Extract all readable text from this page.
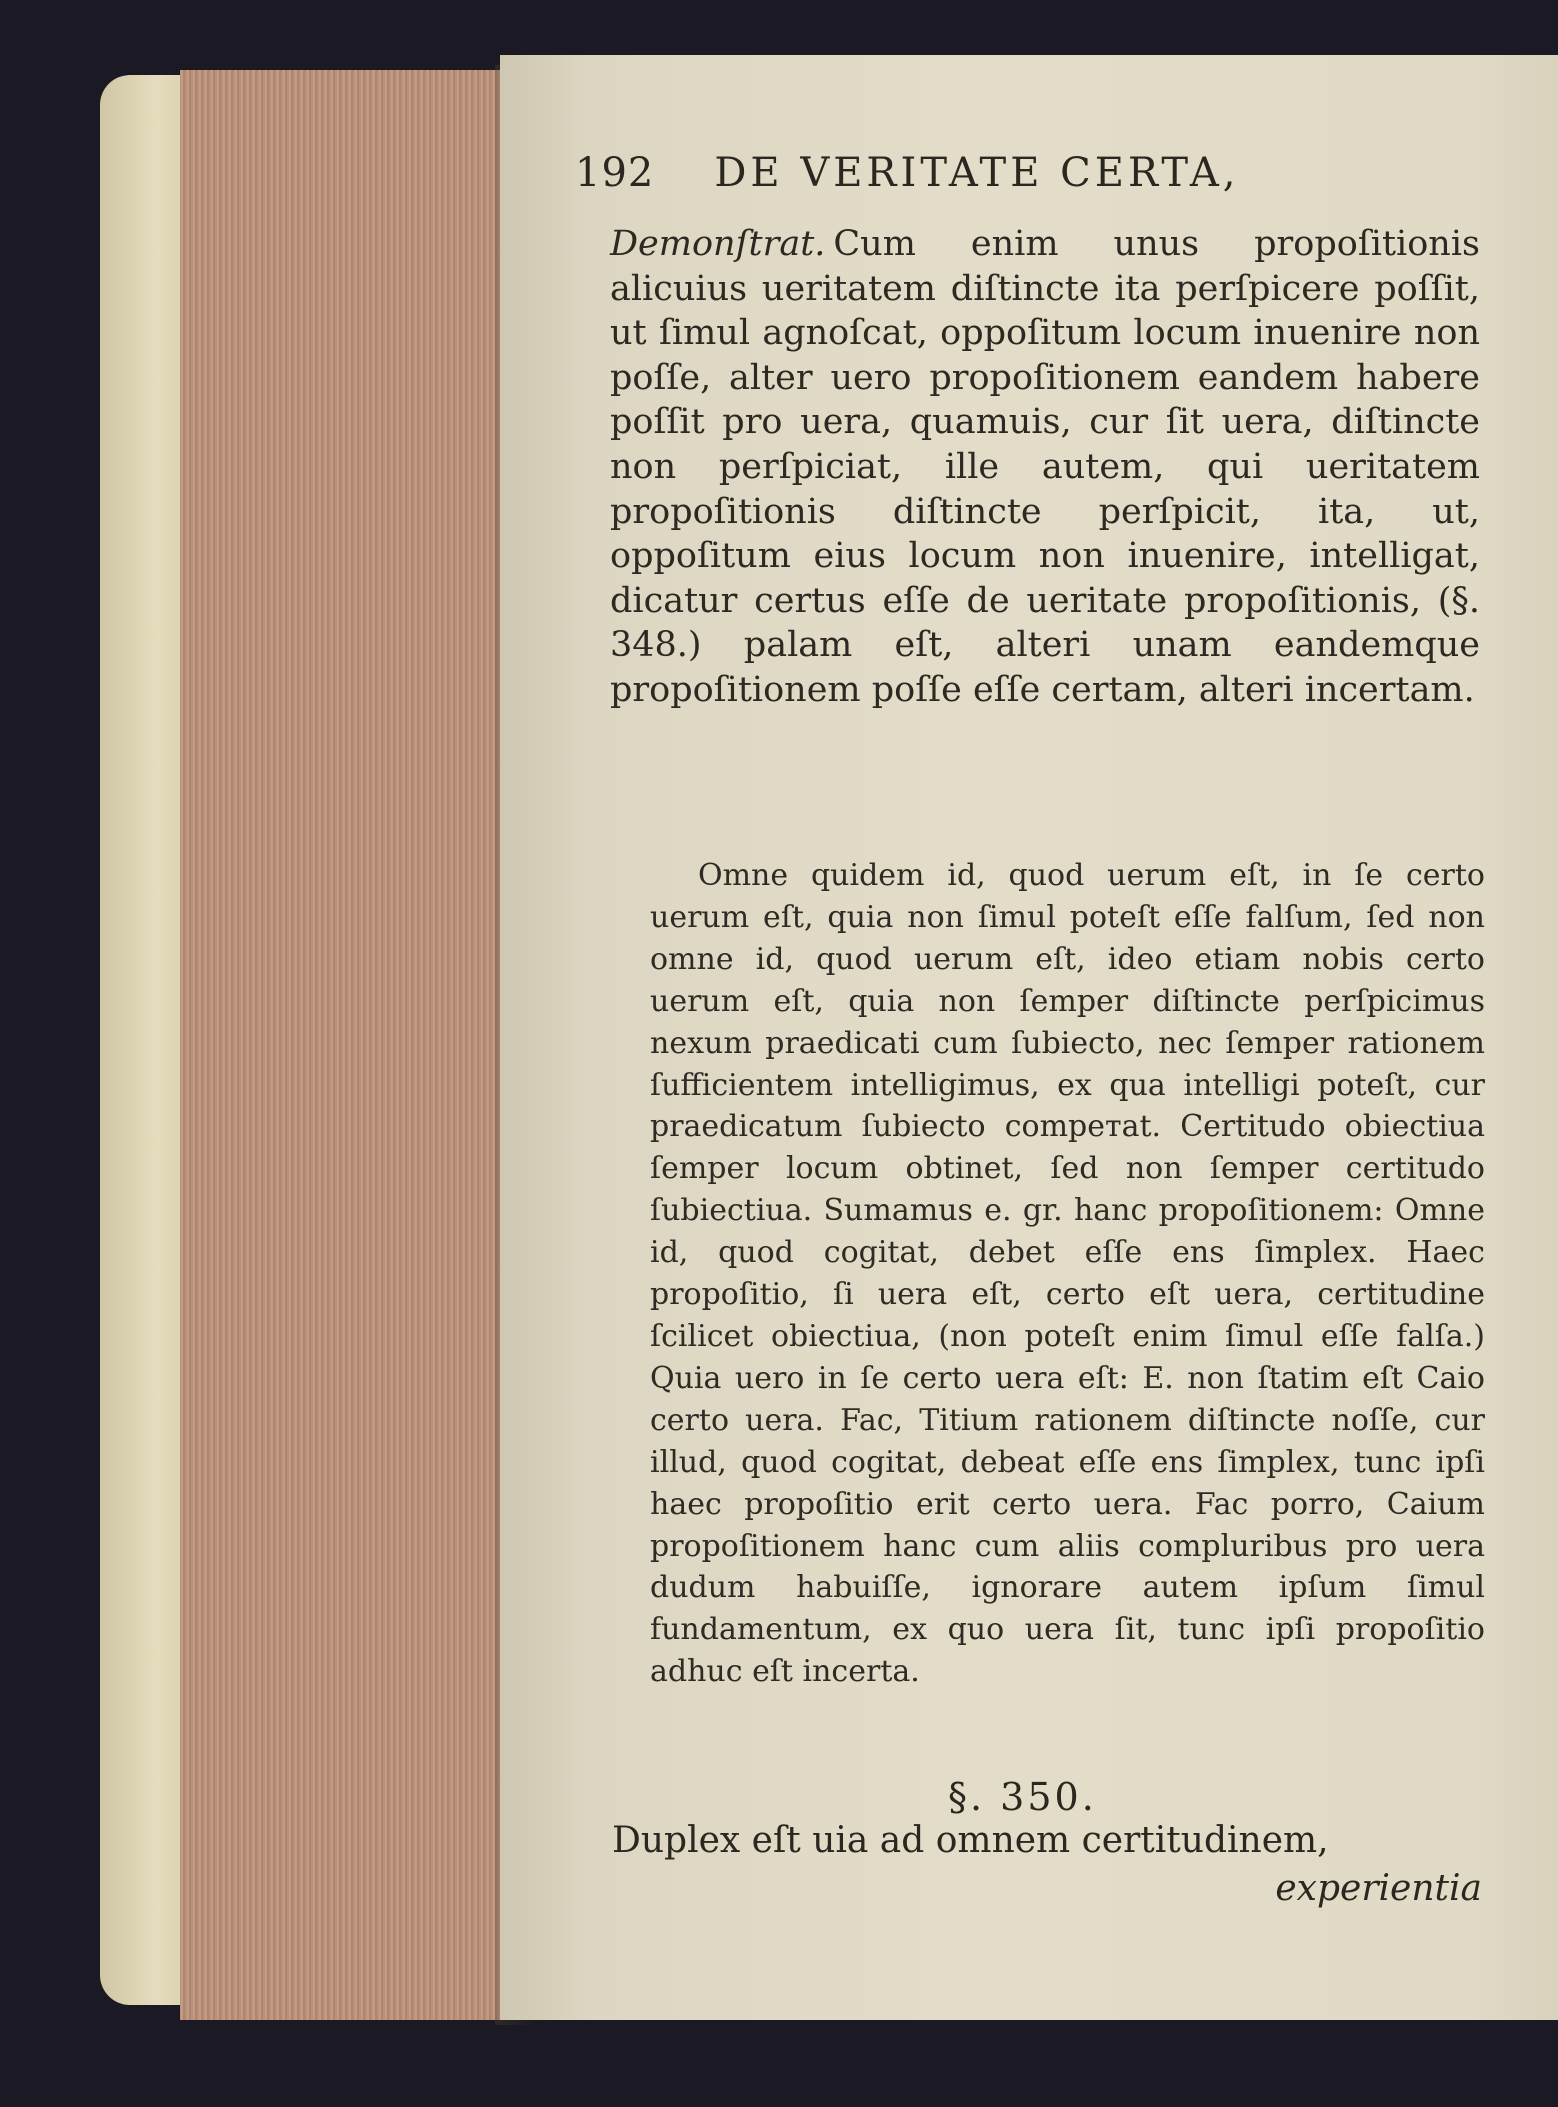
192 DE VERITATE CERTA,

Demonſtrat. Cum enim unus propoſitionis alicuius ueritatem diſtincte ita perſpicere poſſit, ut ſimul agnoſcat, oppoſitum locum inuenire non poſſe, alter uero propoſitionem eandem habere poſſit pro uera, quamuis, cur ſit uera, diſtincte non perſpiciat, ille autem, qui ueritatem propoſitionis diſtincte perſpicit, ita, ut, oppoſitum eius locum non inuenire, intelligat, dicatur certus eſſe de ueritate propoſitionis, (§. 348.) palam eſt, alteri unam eandemque propoſitionem poſſe eſſe certam, alteri incertam.

Omne quidem id, quod uerum eſt, in ſe certo uerum eſt, quia non ſimul poteſt eſſe falſum, ſed non omne id, quod uerum eſt, ideo etiam nobis certo uerum eſt, quia non ſemper diſtincte perſpicimus nexum praedicati cum ſubiecto, nec ſemper rationem ſufficientem intelligimus, ex qua intelligi poteſt, cur praedicatum ſubiecto compeтat. Certitudo obiectiua ſemper locum obtinet, ſed non ſemper certitudo ſubiectiua. Sumamus e. gr. hanc propoſitionem: Omne id, quod cogitat, debet eſſe ens ſimplex. Haec propoſitio, ſi uera eſt, certo eſt uera, certitudine ſcilicet obiectiua, (non poteſt enim ſimul eſſe falſa.) Quia uero in ſe certo uera eſt: E. non ſtatim eſt Caio certo uera. Fac, Titium rationem diſtincte noſſe, cur illud, quod cogitat, debeat eſſe ens ſimplex, tunc ipſi haec propoſitio erit certo uera. Fac porro, Caium propoſitionem hanc cum aliis compluribus pro uera dudum habuiſſe, ignorare autem ipſum ſimul fundamentum, ex quo uera ſit, tunc ipſi propoſitio adhuc eſt incerta.

§. 350.
Duplex eſt uia ad omnem certitudinem,
experientia
